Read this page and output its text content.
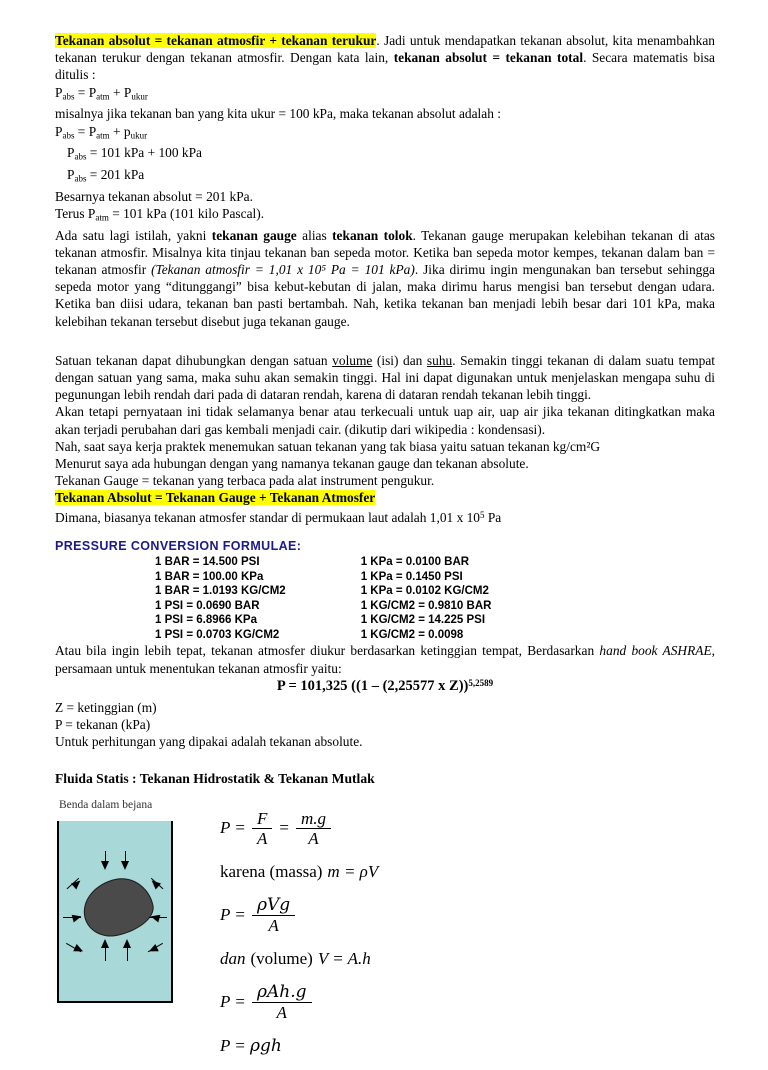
Tekanan absolut = tekanan atmosfir + tekanan terukur. Jadi untuk mendapatkan tekanan absolut, kita menambahkan tekanan terukur dengan tekanan atmosfir. Dengan kata lain, tekanan absolut = tekanan total. Secara matematis bisa ditulis :

$P_{abs} = P_{atm} + P_{ukur}$

misalnya jika tekanan ban yang kita ukur = 100 kPa, maka tekanan absolut adalah :

$P_{abs} = P_{atm} + p_{ukur}$

$P_{abs} = 101$ kPa + 100 kPa

$P_{abs} = 201$ kPa

Besarnya tekanan absolut = 201 kPa.

Terus $P_{atm} = 101$ kPa (101 kilo Pascal).

Ada satu lagi istilah, yakni tekanan gauge alias tekanan tolok. Tekanan gauge merupakan kelebihan tekanan di atas tekanan atmosfir. Misalnya kita tinjau tekanan ban sepeda motor. Ketika ban sepeda motor kempes, tekanan dalam ban = tekanan atmosfir (Tekanan atmosfir = 1,01 x 10⁵ Pa = 101 kPa). Jika dirimu ingin mengunakan ban tersebut sehingga sepeda motor yang “ditunggangi” bisa kebut-kebutan di jalan, maka dirimu harus mengisi ban tersebut dengan udara. Ketika ban diisi udara, tekanan ban pasti bertambah. Nah, ketika tekanan ban menjadi lebih besar dari 101 kPa, maka kelebihan tekanan tersebut disebut juga tekanan gauge.

Satuan tekanan dapat dihubungkan dengan satuan volume (isi) dan suhu. Semakin tinggi tekanan di dalam suatu tempat dengan satuan yang sama, maka suhu akan semakin tinggi. Hal ini dapat digunakan untuk menjelaskan mengapa suhu di pegunungan lebih rendah dari pada di dataran rendah, karena di dataran rendah tekanan lebih tinggi.

Akan tetapi pernyataan ini tidak selamanya benar atau terkecuali untuk uap air, uap air jika tekanan ditingkatkan maka akan terjadi perubahan dari gas kembali menjadi cair. (dikutip dari wikipedia : kondensasi).

Nah, saat saya kerja praktek menemukan satuan tekanan yang tak biasa yaitu satuan tekanan kg/cm²G

Menurut saya ada hubungan dengan yang namanya tekanan gauge dan tekanan absolute.

Tekanan Gauge = tekanan yang terbaca pada alat instrument pengukur.

Tekanan Absolut = Tekanan Gauge + Tekanan Atmosfer

Dimana, biasanya tekanan atmosfer standar di permukaan laut adalah 1,01 x $10^5$ Pa

PRESSURE CONVERSION FORMULAE:
1 BAR = 14.500 PSI	1 KPa = 0.0100 BAR
1 BAR = 100.00 KPa	1 KPa = 0.1450 PSI
1 BAR = 1.0193 KG/CM2	1 KPa = 0.0102 KG/CM2
1 PSI = 0.0690 BAR	1 KG/CM2 = 0.9810 BAR
1 PSI = 6.8966 KPa	1 KG/CM2 = 14.225 PSI
1 PSI = 0.0703 KG/CM2	1 KG/CM2 = 0.0098

Atau bila ingin lebih tepat, tekanan atmosfer diukur berdasarkan ketinggian tempat, Berdasarkan hand book ASHRAE, persamaan untuk menentukan tekanan atmosfir yaitu:

P = 101,325 ((1 – (2,25577 x Z))$^{5,2589}$

Z = ketinggian (m)

P = tekanan (kPa)

Untuk perhitungan yang dipakai adalah tekanan absolute.

Fluida Statis : Tekanan Hidrostatik & Tekanan Mutlak
Benda dalam bejana
$P = \frac{F}{A} = \frac{m.g}{A}$
karena (massa) m = ρV
$P = \frac{\text{ρVg}}{A}$
dan (volume) V = A.h
$P = \frac{\text{ρAh.g}}{A}$
P = ρgh
